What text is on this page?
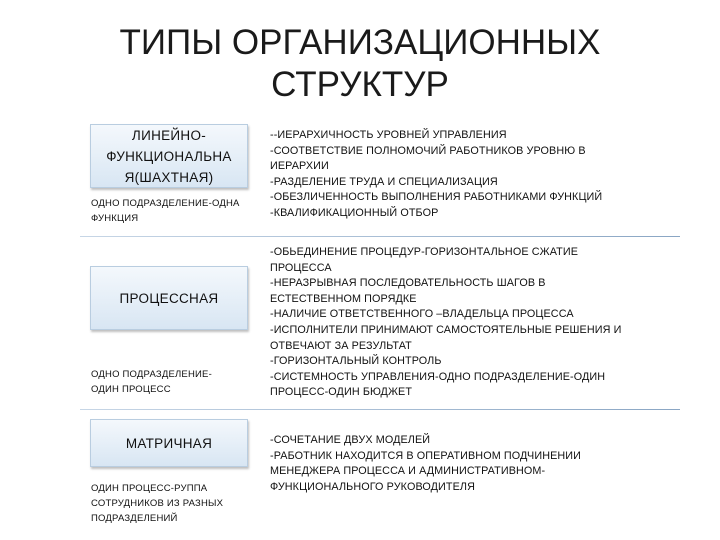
ТИПЫ ОРГАНИЗАЦИОННЫХ
СТРУКТУР
ЛИНЕЙНО-
ФУНКЦИОНАЛЬНА
Я(ШАХТНАЯ)
ОДНО ПОДРАЗДЕЛЕНИЕ-ОДНА
ФУНКЦИЯ
--ИЕРАРХИЧНОСТЬ УРОВНЕЙ УПРАВЛЕНИЯ
-СООТВЕТСТВИЕ ПОЛНОМОЧИЙ РАБОТНИКОВ УРОВНЮ В
ИЕРАРХИИ
-РАЗДЕЛЕНИЕ ТРУДА И СПЕЦИАЛИЗАЦИЯ
-ОБЕЗЛИЧЕННОСТЬ ВЫПОЛНЕНИЯ РАБОТНИКАМИ ФУНКЦИЙ
-КВАЛИФИКАЦИОННЫЙ ОТБОР
ПРОЦЕССНАЯ
ОДНО ПОДРАЗДЕЛЕНИЕ-
ОДИН ПРОЦЕСС
-ОБЬЕДИНЕНИЕ ПРОЦЕДУР-ГОРИЗОНТАЛЬНОЕ СЖАТИЕ
ПРОЦЕССА
-НЕРАЗРЫВНАЯ ПОСЛЕДОВАТЕЛЬНОСТЬ ШАГОВ В
ЕСТЕСТВЕННОМ ПОРЯДКЕ
-НАЛИЧИЕ ОТВЕТСТВЕННОГО –ВЛАДЕЛЬЦА ПРОЦЕССА
-ИСПОЛНИТЕЛИ ПРИНИМАЮТ САМОСТОЯТЕЛЬНЫЕ РЕШЕНИЯ И
ОТВЕЧАЮТ ЗА РЕЗУЛЬТАТ
-ГОРИЗОНТАЛЬНЫЙ КОНТРОЛЬ
-СИСТЕМНОСТЬ УПРАВЛЕНИЯ-ОДНО ПОДРАЗДЕЛЕНИЕ-ОДИН
ПРОЦЕСС-ОДИН БЮДЖЕТ
МАТРИЧНАЯ
ОДИН ПРОЦЕСС-РУППА
СОТРУДНИКОВ ИЗ РАЗНЫХ
ПОДРАЗДЕЛЕНИЙ
-СОЧЕТАНИЕ ДВУХ МОДЕЛЕЙ
-РАБОТНИК НАХОДИТСЯ В ОПЕРАТИВНОМ ПОДЧИНЕНИИ
МЕНЕДЖЕРА ПРОЦЕССА И АДМИНИСТРАТИВНОМ-
ФУНКЦИОНАЛЬНОГО РУКОВОДИТЕЛЯ
